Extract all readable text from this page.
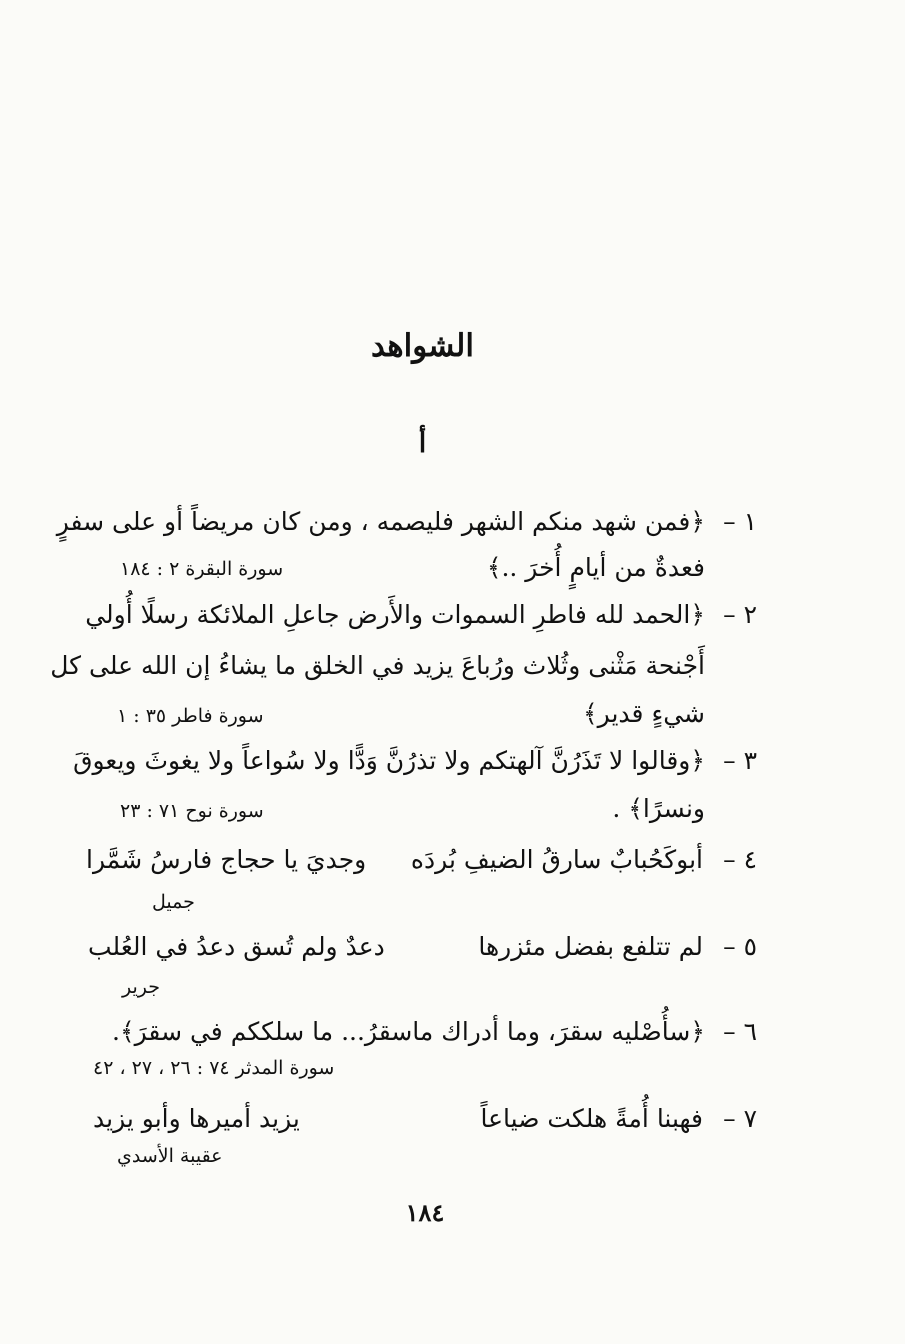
الشواهد
أ
١ –
﴿فمن شهد منكم الشهر فليصمه ، ومن كان مريضاً أو على سفرٍ
فعدةٌ من أيامٍ أُخرَ ..﴾
سورة البقرة ٢ : ١٨٤
٢ –
﴿الحمد لله فاطرِ السموات والأَرض جاعلِ الملائكة رسلًا أُولي
أَجْنحة مَثْنى وثُلاث ورُباعَ يزيد في الخلق ما يشاءُ إن الله على كل
شيءٍ قدير﴾
سورة فاطر ٣٥ : ١
٣ –
﴿وقالوا لا تَذَرُنَّ آلهتكم ولا تذرُنَّ وَدًّا ولا سُواعاً ولا يغوثَ ويعوقَ
ونسرًا﴾ .
سورة نوح ٧١ : ٢٣
٤ –
أبوكَحُبابٌ سارقُ الضيفِ بُردَه
وجديَ يا حجاج فارسُ شَمَّرا
جميل
٥ –
لم تتلفع بفضل مئزرها
دعدٌ ولم تُسق دعدُ في العُلب
جرير
٦ –
﴿سأُصْليه سقرَ، وما أدراك ماسقرُ... ما سلككم في سقرَ﴾.
سورة المدثر ٧٤ : ٢٦ ، ٢٧ ، ٤٢
٧ –
فهبنا أُمةً هلكت ضياعاً
يزيد أميرها وأبو يزيد
عقيبة الأسدي
١٨٤
